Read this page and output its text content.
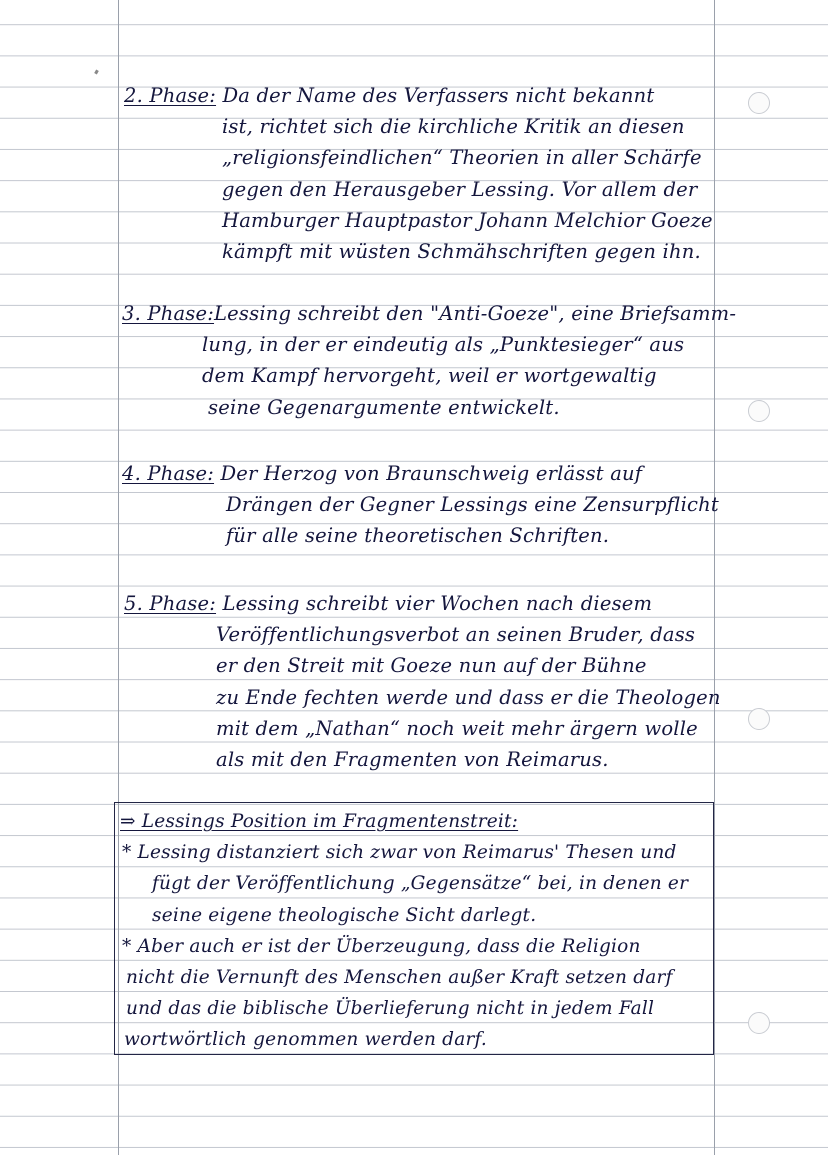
2. Phase: Da der Name des Verfassers nicht bekannt
ist, richtet sich die kirchliche Kritik an diesen
„religionsfeindlichen“ Theorien in aller Schärfe
gegen den Herausgeber Lessing. Vor allem der
Hamburger Hauptpastor Johann Melchior Goeze
kämpft mit wüsten Schmähschriften gegen ihn.
3. Phase:Lessing schreibt den "Anti-Goeze", eine Briefsamm-
lung, in der er eindeutig als „Punktesieger“ aus
dem Kampf hervorgeht, weil er wortgewaltig
seine Gegenargumente entwickelt.
4. Phase: Der Herzog von Braunschweig erlässt auf
Drängen der Gegner Lessings eine Zensurpflicht
für alle seine theoretischen Schriften.
5. Phase: Lessing schreibt vier Wochen nach diesem
Veröffentlichungsverbot an seinen Bruder, dass
er den Streit mit Goeze nun auf der Bühne
zu Ende fechten werde und dass er die Theologen
mit dem „Nathan“ noch weit mehr ärgern wolle
als mit den Fragmenten von Reimarus.
⇒ Lessings Position im Fragmentenstreit:
* Lessing distanziert sich zwar von Reimarus' Thesen und
fügt der Veröffentlichung „Gegensätze“ bei, in denen er
seine eigene theologische Sicht darlegt.
* Aber auch er ist der Überzeugung, dass die Religion
nicht die Vernunft des Menschen außer Kraft setzen darf
und das die biblische Überlieferung nicht in jedem Fall
wortwörtlich genommen werden darf.
